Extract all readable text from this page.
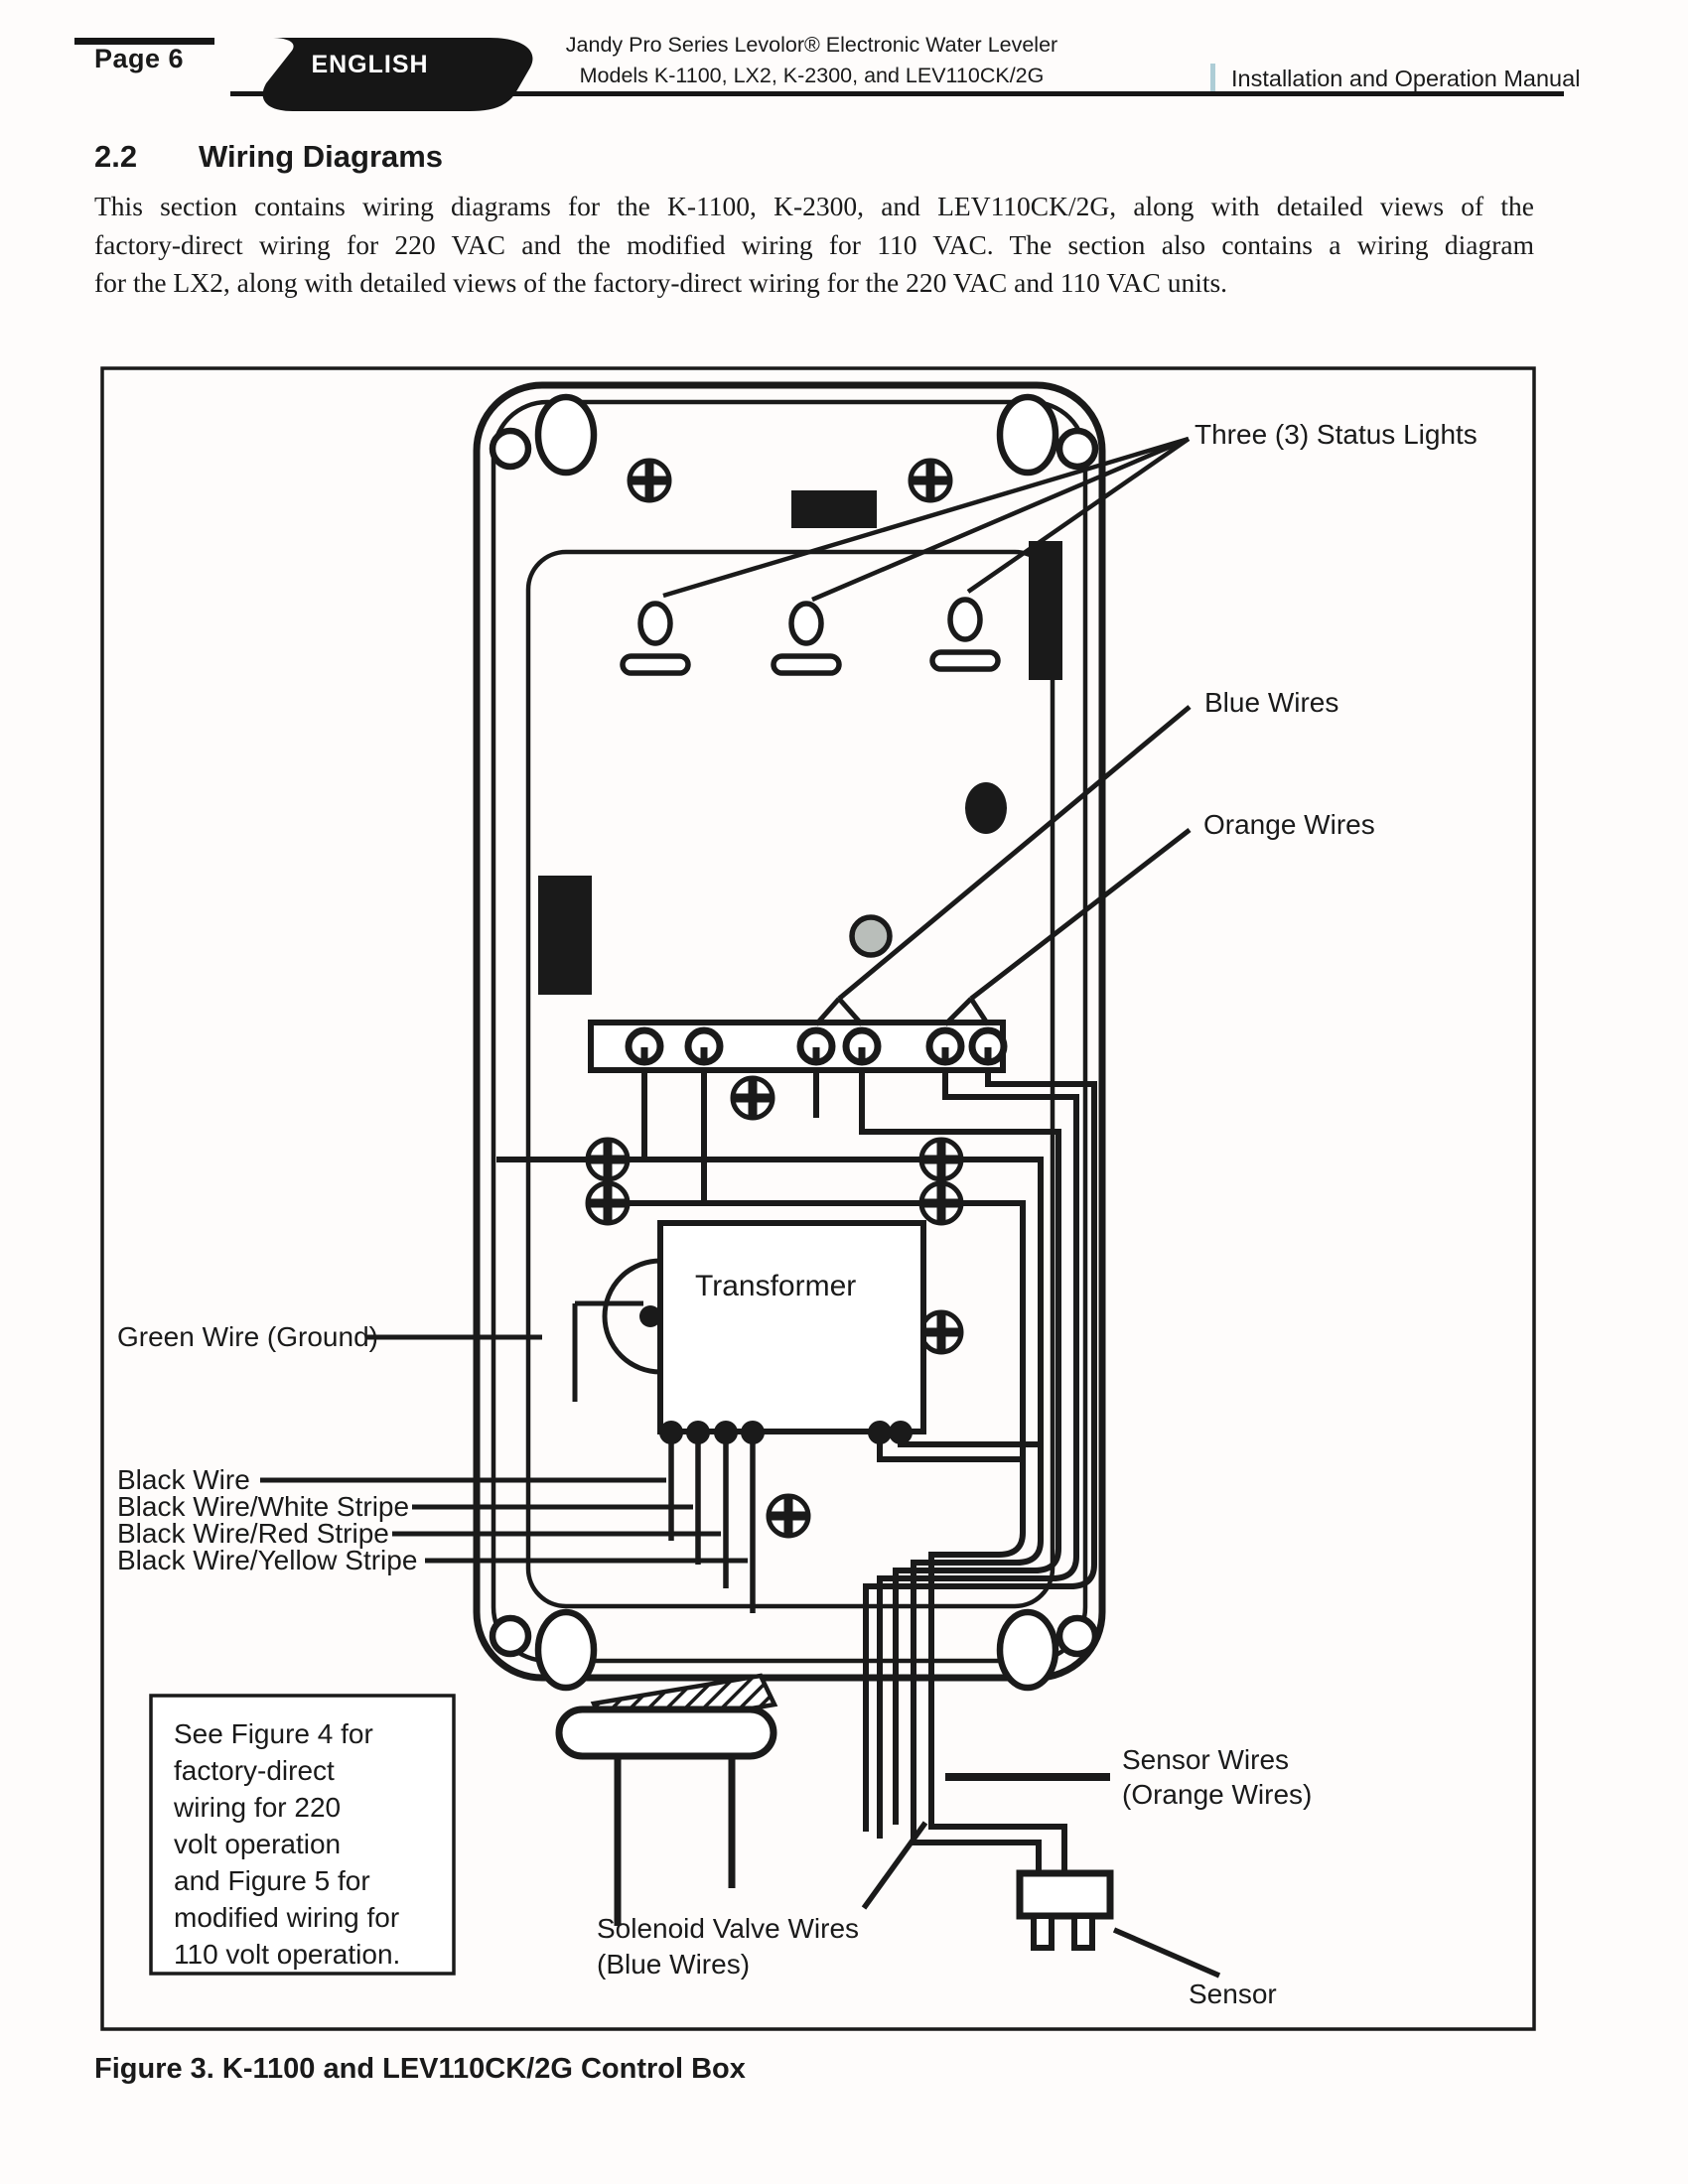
Page 6	ENGLISH
Jandy Pro Series Levolor® Electronic Water Leveler
Models K-1100, LX2, K-2300, and LEV110CK/2G	Installation and Operation Manual
2.2 Wiring Diagrams
This section contains wiring diagrams for the K-1100, K-2300, and LEV110CK/2G, along with detailed views of the
factory-direct wiring for 220 VAC and the modified wiring for 110 VAC. The section also contains a wiring diagram
for the LX2, along with detailed views of the factory-direct wiring for the 220 VAC and 110 VAC units.
Transformer
Three (3) Status Lights
Blue Wires
Orange Wires
Green Wire (Ground)
Black Wire
Black Wire/White Stripe
Black Wire/Red Stripe
Black Wire/Yellow Stripe
Sensor Wires
(Orange Wires)
Solenoid Valve Wires
(Blue Wires)
Sensor
See Figure 4 for
factory-direct
wiring for 220
volt operation
and Figure 5 for
modified wiring for
110 volt operation.
Figure 3. K-1100 and LEV110CK/2G Control Box
